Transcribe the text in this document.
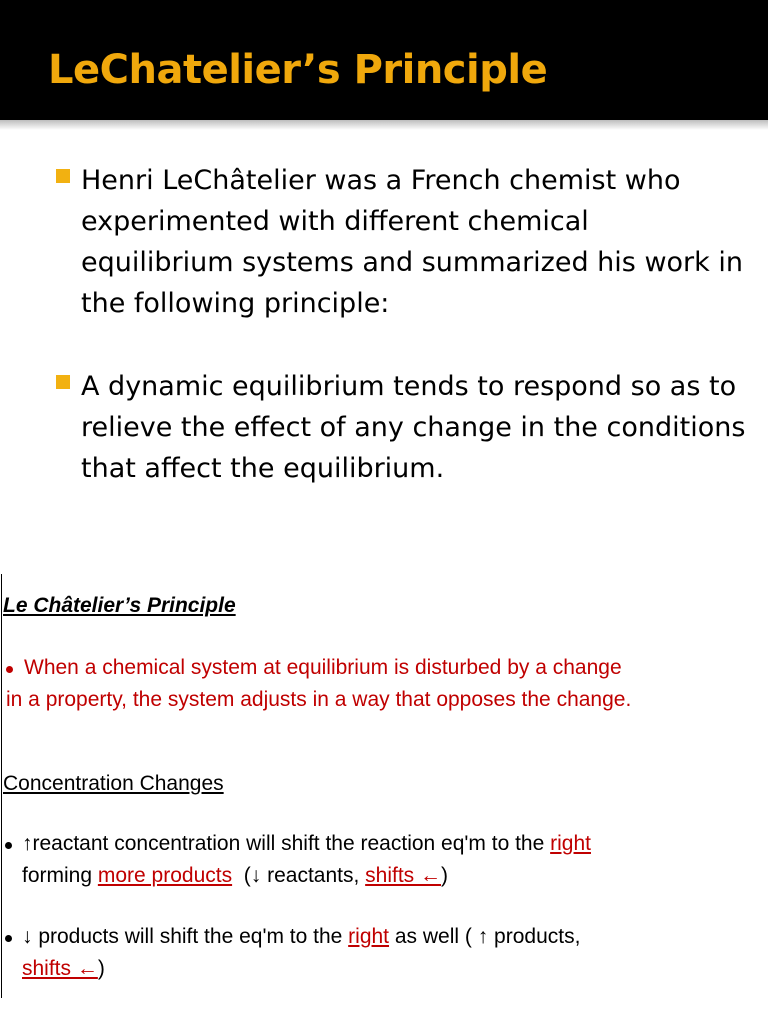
LeChatelier’s Principle
Henri LeChâtelier was a French chemist who experimented with different chemical equilibrium systems and summarized his work in the following principle:
A dynamic equilibrium tends to respond so as to relieve the effect of any change in the conditions that affect the equilibrium.
Le Châtelier’s Principle
When a chemical system at equilibrium is disturbed by a change
in a property, the system adjusts in a way that opposes the change.
Concentration Changes
↑reactant concentration will shift the reaction eq'm to the right
forming more products  (↓ reactants, shifts ←)
↓ products will shift the eq'm to the right as well ( ↑ products,
shifts ←)
